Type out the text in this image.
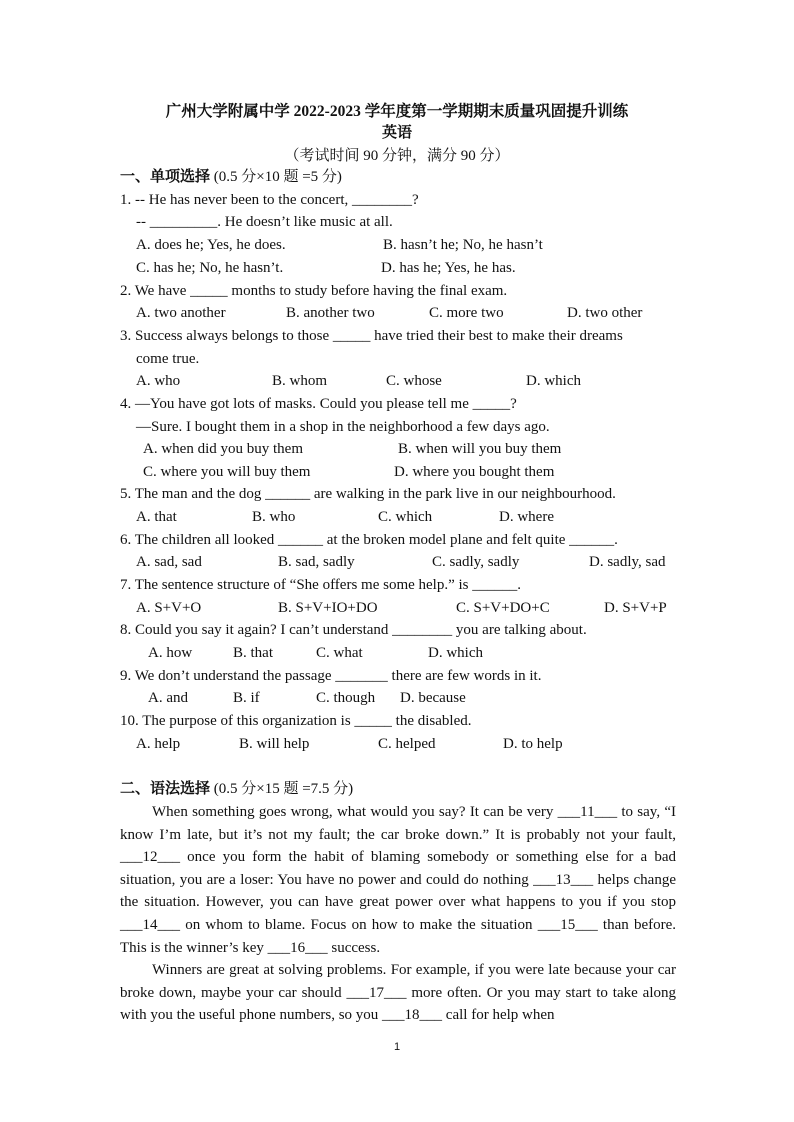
广州大学附属中学 2022-2023 学年度第一学期期末质量巩固提升训练
英语
（考试时间 90 分钟，满分 90 分）
一、单项选择 (0.5 分×10 题 =5 分)
1. -- He has never been to the concert, ________?
-- _________. He doesn’t like music at all.
A. does he; Yes, he does.	B. hasn’t he; No, he hasn’t
C. has he; No, he hasn’t.	D. has he; Yes, he has.
2. We have _____ months to study before having the final exam.
A. two another	B. another two	C. more two	D. two other
3. Success always belongs to those _____ have tried their best to make their dreams
come true.
A. who	B. whom	C. whose	D. which
4. —You have got lots of masks. Could you please tell me _____?
—Sure. I bought them in a shop in the neighborhood a few days ago.
A. when did you buy them	B. when will you buy them
C. where you will buy them	D. where you bought them
5. The man and the dog ______ are walking in the park live in our neighbourhood.
A. that	B. who	C. which	D. where
6. The children all looked ______ at the broken model plane and felt quite ______.
A. sad, sad	B. sad, sadly	C. sadly, sadly	D. sadly, sad
7. The sentence structure of “She offers me some help.” is ______.
A. S+V+O	B. S+V+IO+DO	C. S+V+DO+C	D. S+V+P
8. Could you say it again? I can’t understand ________ you are talking about.
A. how	B. that	C. what	D. which
9. We don’t understand the passage _______ there are few words in it.
A. and	B. if	C. though D. because
10. The purpose of this organization is _____ the disabled.
A. help	B. will help	C. helped	D. to help
二、语法选择 (0.5 分×15 题 =7.5 分)
When something goes wrong, what would you say? It can be very ___11___ to say, “I know I’m late, but it’s not my fault; the car broke down.” It is probably not your fault, ___12___ once you form the habit of blaming somebody or something else for a bad situation, you are a loser: You have no power and could do nothing ___13___ helps change the situation. However, you can have great power over what happens to you if you stop ___14___ on whom to blame. Focus on how to make the situation ___15___ than before. This is the winner’s key ___16___ success.
Winners are great at solving problems. For example, if you were late because your car broke down, maybe your car should ___17___ more often. Or you may start to take along with you the useful phone numbers, so you ___18___ call for help when
1
